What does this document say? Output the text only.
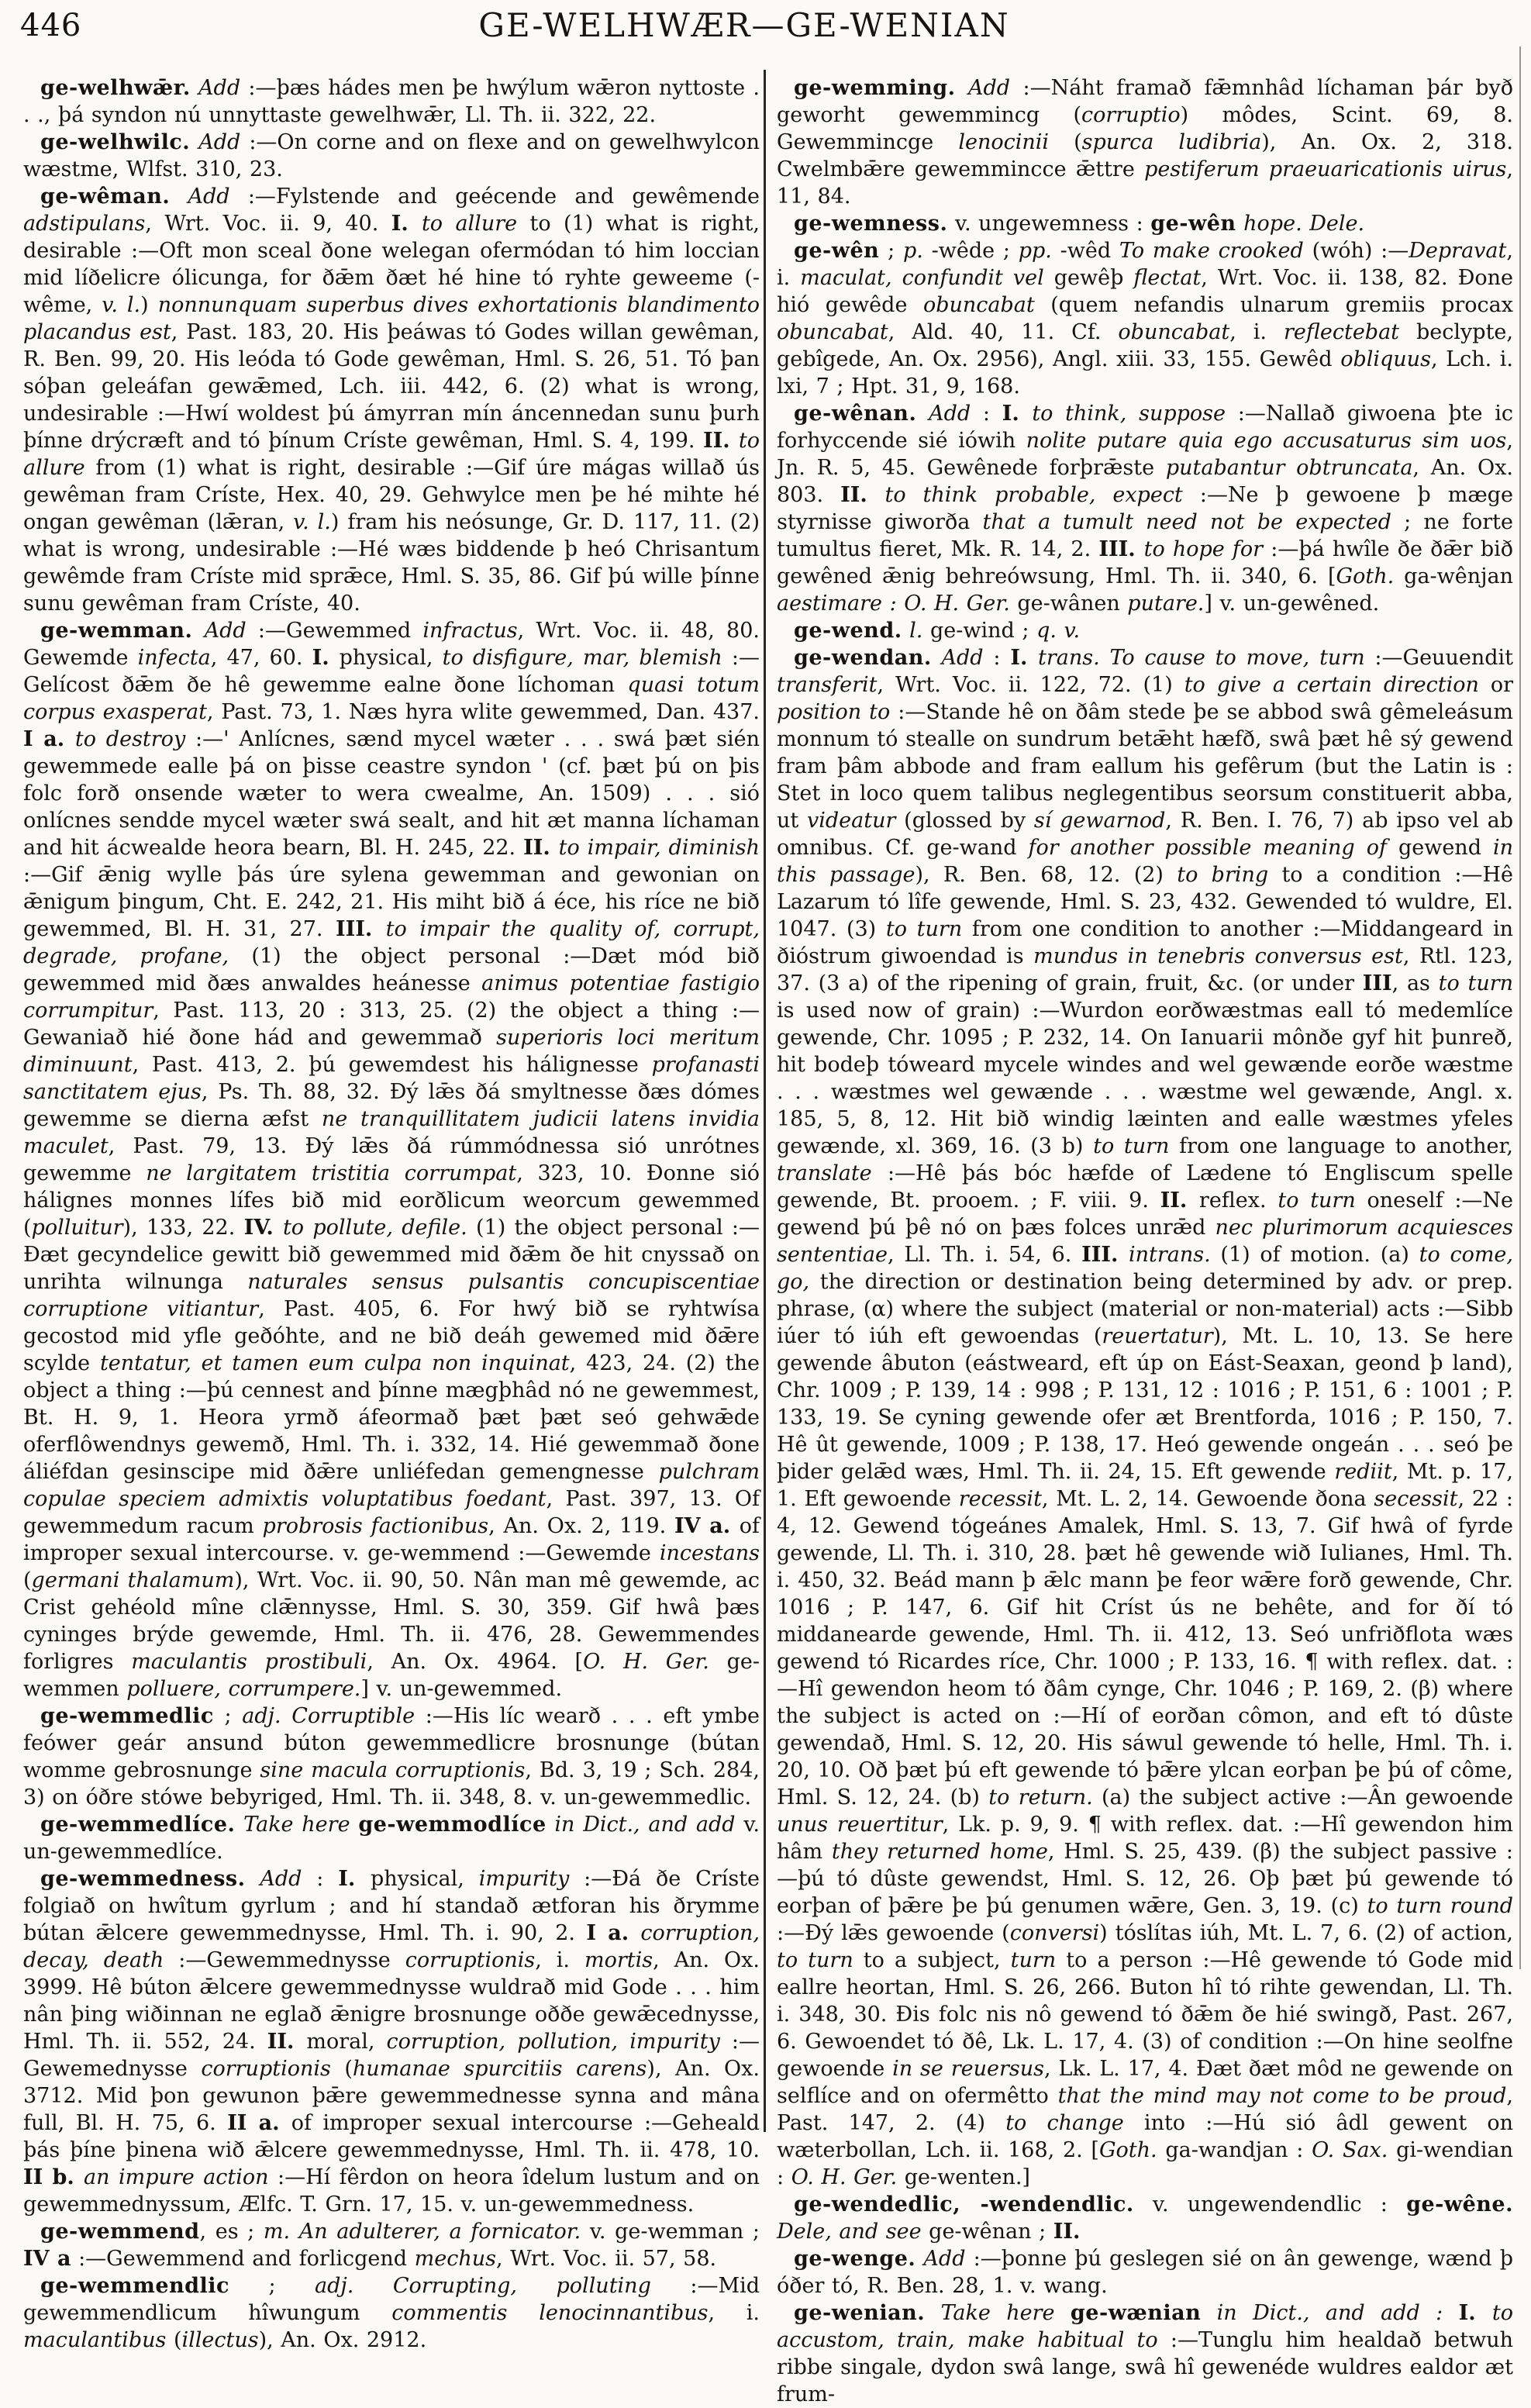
446	GE-WELHWÆR—GE-WENIAN

ge-welhwǣr. Add :—þæs hádes men þe hwýlum wǣron nyttoste . . ., þá syndon nú unnyttaste gewelhwǣr, Ll. Th. ii. 322, 22.

ge-welhwilc. Add :—On corne and on flexe and on gewelhwylcon wæstme, Wlfst. 310, 23.

ge-wêman. Add :—Fylstende and geécende and gewêmende adstipulans, Wrt. Voc. ii. 9, 40. I. to allure to (1) what is right, desirable :—Oft mon sceal ðone welegan ofermódan tó him loccian mid líðelicre ólicunga, for ðǣm ðæt hé hine tó ryhte geweeme (-wême, v. l.) nonnunquam superbus dives exhortationis blandimento placandus est, Past. 183, 20. His þeáwas tó Godes willan gewêman, R. Ben. 99, 20. His leóda tó Gode gewêman, Hml. S. 26, 51. Tó þan sóþan geleáfan gewǣmed, Lch. iii. 442, 6. (2) what is wrong, undesirable :—Hwí woldest þú ámyrran mín áncennedan sunu þurh þínne drýcræft and tó þínum Críste gewêman, Hml. S. 4, 199. II. to allure from (1) what is right, desirable :—Gif úre mágas willað ús gewêman fram Críste, Hex. 40, 29. Gehwylce men þe hé mihte hé ongan gewêman (lǣran, v. l.) fram his neósunge, Gr. D. 117, 11. (2) what is wrong, undesirable :—Hé wæs biddende þ heó Chrisantum gewêmde fram Críste mid sprǣce, Hml. S. 35, 86. Gif þú wille þínne sunu gewêman fram Críste, 40.

ge-wemman. Add :—Gewemmed infractus, Wrt. Voc. ii. 48, 80. Gewemde infecta, 47, 60. I. physical, to disfigure, mar, blemish :—Gelícost ðǣm ðe hê gewemme ealne ðone líchoman quasi totum corpus exasperat, Past. 73, 1. Næs hyra wlite gewemmed, Dan. 437. I a. to destroy :—' Anlícnes, sænd mycel wæter . . . swá þæt sién gewemmede ealle þá on þisse ceastre syndon ' (cf. þæt þú on þis folc forð onsende wæter to wera cwealme, An. 1509) . . . sió onlícnes sendde mycel wæter swá sealt, and hit æt manna líchaman and hit ácwealde heora bearn, Bl. H. 245, 22. II. to impair, diminish :—Gif ǣnig wylle þás úre sylena gewemman and gewonian on ǣnigum þingum, Cht. E. 242, 21. His miht bið á éce, his ríce ne bið gewemmed, Bl. H. 31, 27. III. to impair the quality of, corrupt, degrade, profane, (1) the object personal :—Dæt mód bið gewemmed mid ðæs anwaldes heánesse animus potentiae fastigio corrumpitur, Past. 113, 20 : 313, 25. (2) the object a thing :—Gewaniað hié ðone hád and gewemmað superioris loci meritum diminuunt, Past. 413, 2. þú gewemdest his hálignesse profanasti sanctitatem ejus, Ps. Th. 88, 32. Ðý lǣs ðá smyltnesse ðæs dómes gewemme se dierna æfst ne tranquillitatem judicii latens invidia maculet, Past. 79, 13. Ðý lǣs ðá rúmmódnessa sió unrótnes gewemme ne largitatem tristitia corrumpat, 323, 10. Ðonne sió hálignes monnes lífes bið mid eorðlicum weorcum gewemmed (polluitur), 133, 22. IV. to pollute, defile. (1) the object personal :—Ðæt gecyndelice gewitt bið gewemmed mid ðǣm ðe hit cnyssað on unrihta wilnunga naturales sensus pulsantis concupiscentiae corruptione vitiantur, Past. 405, 6. For hwý bið se ryhtwísa gecostod mid yfle geðóhte, and ne bið deáh gewemed mid ðǣre scylde tentatur, et tamen eum culpa non inquinat, 423, 24. (2) the object a thing :—þú cennest and þínne mægþhâd nó ne gewemmest, Bt. H. 9, 1. Heora yrmð áfeormað þæt þæt seó gehwǣde oferflôwendnys gewemð, Hml. Th. i. 332, 14. Hié gewemmað ðone áliéfdan gesinscipe mid ðǣre unliéfedan gemengnesse pulchram copulae speciem admixtis voluptatibus foedant, Past. 397, 13. Of gewemmedum racum probrosis factionibus, An. Ox. 2, 119. IV a. of improper sexual intercourse. v. ge-wemmend :—Gewemde incestans (germani thalamum), Wrt. Voc. ii. 90, 50. Nân man mê gewemde, ac Crist gehéold mîne clǣnnysse, Hml. S. 30, 359. Gif hwâ þæs cyninges brýde gewemde, Hml. Th. ii. 476, 28. Gewemmendes forligres maculantis prostibuli, An. Ox. 4964. [O. H. Ger. ge-wemmen polluere, corrumpere.] v. un-gewemmed.

ge-wemmedlic ; adj. Corruptible :—His líc wearð . . . eft ymbe feówer geár ansund búton gewemmedlicre brosnunge (bútan womme gebrosnunge sine macula corruptionis, Bd. 3, 19 ; Sch. 284, 3) on óðre stówe bebyriged, Hml. Th. ii. 348, 8. v. un-gewemmedlic.

ge-wemmedlíce. Take here ge-wemmodlíce in Dict., and add v. un-gewemmedlíce.

ge-wemmedness. Add : I. physical, impurity :—Ðá ðe Críste folgiað on hwîtum gyrlum ; and hí standað ætforan his ðrymme bútan ǣlcere gewemmednysse, Hml. Th. i. 90, 2. I a. corruption, decay, death :—Gewemmednysse corruptionis, i. mortis, An. Ox. 3999. Hê búton ǣlcere gewemmednysse wuldrað mid Gode . . . him nân þing wiðinnan ne eglað ǣnigre brosnunge oððe gewǣcednysse, Hml. Th. ii. 552, 24. II. moral, corruption, pollution, impurity :—Gewemednysse corruptionis (humanae spurcitiis carens), An. Ox. 3712. Mid þon gewunon þǣre gewemmednesse synna and mâna full, Bl. H. 75, 6. II a. of improper sexual intercourse :—Geheald þás þíne þinena wið ǣlcere gewemmednysse, Hml. Th. ii. 478, 10. II b. an impure action :—Hí fêrdon on heora îdelum lustum and on gewemmednyssum, Ælfc. T. Grn. 17, 15. v. un-gewemmedness.

ge-wemmend, es ; m. An adulterer, a fornicator. v. ge-wemman ; IV a :—Gewemmend and forlicgend mechus, Wrt. Voc. ii. 57, 58.

ge-wemmendlic ; adj. Corrupting, polluting :—Mid gewemmendlicum hîwungum commentis lenocinnantibus, i. maculantibus (illectus), An. Ox. 2912.

ge-wemming. Add :—Náht framað fǣmnhâd líchaman þár byð geworht gewemmincg (corruptio) môdes, Scint. 69, 8. Gewemmincge lenocinii (spurca ludibria), An. Ox. 2, 318. Cwelmbǣre gewemmincce ǣttre pestiferum praeuaricationis uirus, 11, 84.

ge-wemness. v. ungewemness : ge-wên hope. Dele.

ge-wên ; p. -wêde ; pp. -wêd To make crooked (wóh) :—Depravat, i. maculat, confundit vel gewêþ flectat, Wrt. Voc. ii. 138, 82. Ðone hió gewêde obuncabat (quem nefandis ulnarum gremiis procax obuncabat, Ald. 40, 11. Cf. obuncabat, i. reflectebat beclypte, gebîgede, An. Ox. 2956), Angl. xiii. 33, 155. Gewêd obliquus, Lch. i. lxi, 7 ; Hpt. 31, 9, 168.

ge-wênan. Add : I. to think, suppose :—Nallað giwoena þte ic forhyccende sié iówih nolite putare quia ego accusaturus sim uos, Jn. R. 5, 45. Gewênede forþrǣste putabantur obtruncata, An. Ox. 803. II. to think probable, expect :—Ne þ gewoene þ mæge styrnisse giworða that a tumult need not be expected ; ne forte tumultus fieret, Mk. R. 14, 2. III. to hope for :—þá hwîle ðe ðǣr bið gewêned ǣnig behreówsung, Hml. Th. ii. 340, 6. [Goth. ga-wênjan aestimare : O. H. Ger. ge-wânen putare.] v. un-gewêned.

ge-wend. l. ge-wind ; q. v.

ge-wendan. Add : I. trans. To cause to move, turn :—Geuuendit transferit, Wrt. Voc. ii. 122, 72. (1) to give a certain direction or position to :—Stande hê on ðâm stede þe se abbod swâ gêmeleásum monnum tó stealle on sundrum betǣht hæfð, swâ þæt hê sý gewend fram þâm abbode and fram eallum his gefêrum (but the Latin is : Stet in loco quem talibus neglegentibus seorsum constituerit abba, ut videatur (glossed by sí gewarnod, R. Ben. I. 76, 7) ab ipso vel ab omnibus. Cf. ge-wand for another possible meaning of gewend in this passage), R. Ben. 68, 12. (2) to bring to a condition :—Hê Lazarum tó lîfe gewende, Hml. S. 23, 432. Gewended tó wuldre, El. 1047. (3) to turn from one condition to another :—Middangeard in ðióstrum giwoendad is mundus in tenebris conversus est, Rtl. 123, 37. (3 a) of the ripening of grain, fruit, &c. (or under III, as to turn is used now of grain) :—Wurdon eorðwæstmas eall tó medemlíce gewende, Chr. 1095 ; P. 232, 14. On Ianuarii mônðe gyf hit þunreð, hit bodeþ tóweard mycele windes and wel gewænde eorðe wæstme . . . wæstmes wel gewænde . . . wæstme wel gewænde, Angl. x. 185, 5, 8, 12. Hit bið windig læinten and ealle wæstmes yfeles gewænde, xl. 369, 16. (3 b) to turn from one language to another, translate :—Hê þás bóc hæfde of Lædene tó Engliscum spelle gewende, Bt. prooem. ; F. viii. 9. II. reflex. to turn oneself :—Ne gewend þú þê nó on þæs folces unrǣd nec plurimorum acquiesces sententiae, Ll. Th. i. 54, 6. III. intrans. (1) of motion. (a) to come, go, the direction or destination being determined by adv. or prep. phrase, (α) where the subject (material or non-material) acts :—Sibb iúer tó iúh eft gewoendas (reuertatur), Mt. L. 10, 13. Se here gewende âbuton (eástweard, eft úp on Eást-Seaxan, geond þ land), Chr. 1009 ; P. 139, 14 : 998 ; P. 131, 12 : 1016 ; P. 151, 6 : 1001 ; P. 133, 19. Se cyning gewende ofer æt Brentforda, 1016 ; P. 150, 7. Hê ût gewende, 1009 ; P. 138, 17. Heó gewende ongeán . . . seó þe þider gelǣd wæs, Hml. Th. ii. 24, 15. Eft gewende rediit, Mt. p. 17, 1. Eft gewoende recessit, Mt. L. 2, 14. Gewoende ðona secessit, 22 : 4, 12. Gewend tógeánes Amalek, Hml. S. 13, 7. Gif hwâ of fyrde gewende, Ll. Th. i. 310, 28. þæt hê gewende wið Iulianes, Hml. Th. i. 450, 32. Beád mann þ ǣlc mann þe feor wǣre forð gewende, Chr. 1016 ; P. 147, 6. Gif hit Críst ús ne behête, and for ðí tó middanearde gewende, Hml. Th. ii. 412, 13. Seó unfriðflota wæs gewend tó Ricardes ríce, Chr. 1000 ; P. 133, 16. ¶ with reflex. dat. :—Hî gewendon heom tó ðâm cynge, Chr. 1046 ; P. 169, 2. (β) where the subject is acted on :—Hí of eorðan cômon, and eft tó dûste gewendað, Hml. S. 12, 20. His sáwul gewende tó helle, Hml. Th. i. 20, 10. Oð þæt þú eft gewende tó þǣre ylcan eorþan þe þú of côme, Hml. S. 12, 24. (b) to return. (a) the subject active :—Ân gewoende unus reuertitur, Lk. p. 9, 9. ¶ with reflex. dat. :—Hî gewendon him hâm they returned home, Hml. S. 25, 439. (β) the subject passive :—þú tó dûste gewendst, Hml. S. 12, 26. Oþ þæt þú gewende tó eorþan of þǣre þe þú genumen wǣre, Gen. 3, 19. (c) to turn round :—Ðý lǣs gewoende (conversi) tóslítas iúh, Mt. L. 7, 6. (2) of action, to turn to a subject, turn to a person :—Hê gewende tó Gode mid eallre heortan, Hml. S. 26, 266. Buton hî tó rihte gewendan, Ll. Th. i. 348, 30. Ðis folc nis nô gewend tó ðǣm ðe hié swingð, Past. 267, 6. Gewoendet tó ðê, Lk. L. 17, 4. (3) of condition :—On hine seolfne gewoende in se reuersus, Lk. L. 17, 4. Ðæt ðæt môd ne gewende on selflíce and on ofermêtto that the mind may not come to be proud, Past. 147, 2. (4) to change into :—Hú sió âdl gewent on wæterbollan, Lch. ii. 168, 2. [Goth. ga-wandjan : O. Sax. gi-wendian : O. H. Ger. ge-wenten.]

ge-wendedlic, -wendendlic. v. ungewendendlic : ge-wêne. Dele, and see ge-wênan ; II.

ge-wenge. Add :—þonne þú geslegen sié on ân gewenge, wænd þ óðer tó, R. Ben. 28, 1. v. wang.

ge-wenian. Take here ge-wænian in Dict., and add : I. to accustom, train, make habitual to :—Tunglu him healdað betwuh ribbe singale, dydon swâ lange, swâ hî gewenéde wuldres ealdor æt frum-
